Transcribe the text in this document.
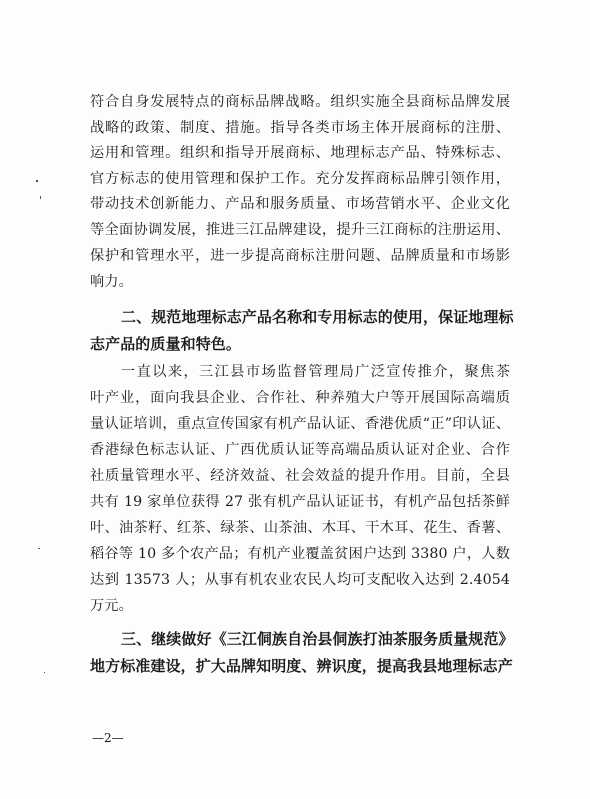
符合自身发展特点的商标品牌战略。组织实施全县商标品牌发展
战略的政策、制度、措施。指导各类市场主体开展商标的注册、
运用和管理。组织和指导开展商标、地理标志产品、特殊标志、
官方标志的使用管理和保护工作。充分发挥商标品牌引领作用，
带动技术创新能力、产品和服务质量、市场营销水平、企业文化
等全面协调发展，推进三江品牌建设，提升三江商标的注册运用、
保护和管理水平，进一步提高商标注册问题、品牌质量和市场影
响力。
二、规范地理标志产品名称和专用标志的使用，保证地理标
志产品的质量和特色。
一直以来，三江县市场监督管理局广泛宣传推介，聚焦茶
叶产业，面向我县企业、合作社、种养殖大户等开展国际高端质
量认证培训，重点宣传国家有机产品认证、香港优质“正”印认证、
香港绿色标志认证、广西优质认证等高端品质认证对企业、合作
社质量管理水平、经济效益、社会效益的提升作用。目前，全县
共有 19 家单位获得 27 张有机产品认证证书，有机产品包括茶鲜
叶、油茶籽、红茶、绿茶、山茶油、木耳、干木耳、花生、香薯、
稻谷等 10 多个农产品；有机产业覆盖贫困户达到 3380 户，人数
达到 13573 人；从事有机农业农民人均可支配收入达到 2.4054
万元。
三、继续做好《三江侗族自治县侗族打油茶服务质量规范》
地方标准建设，扩大品牌知明度、辨识度，提高我县地理标志产
—2—
